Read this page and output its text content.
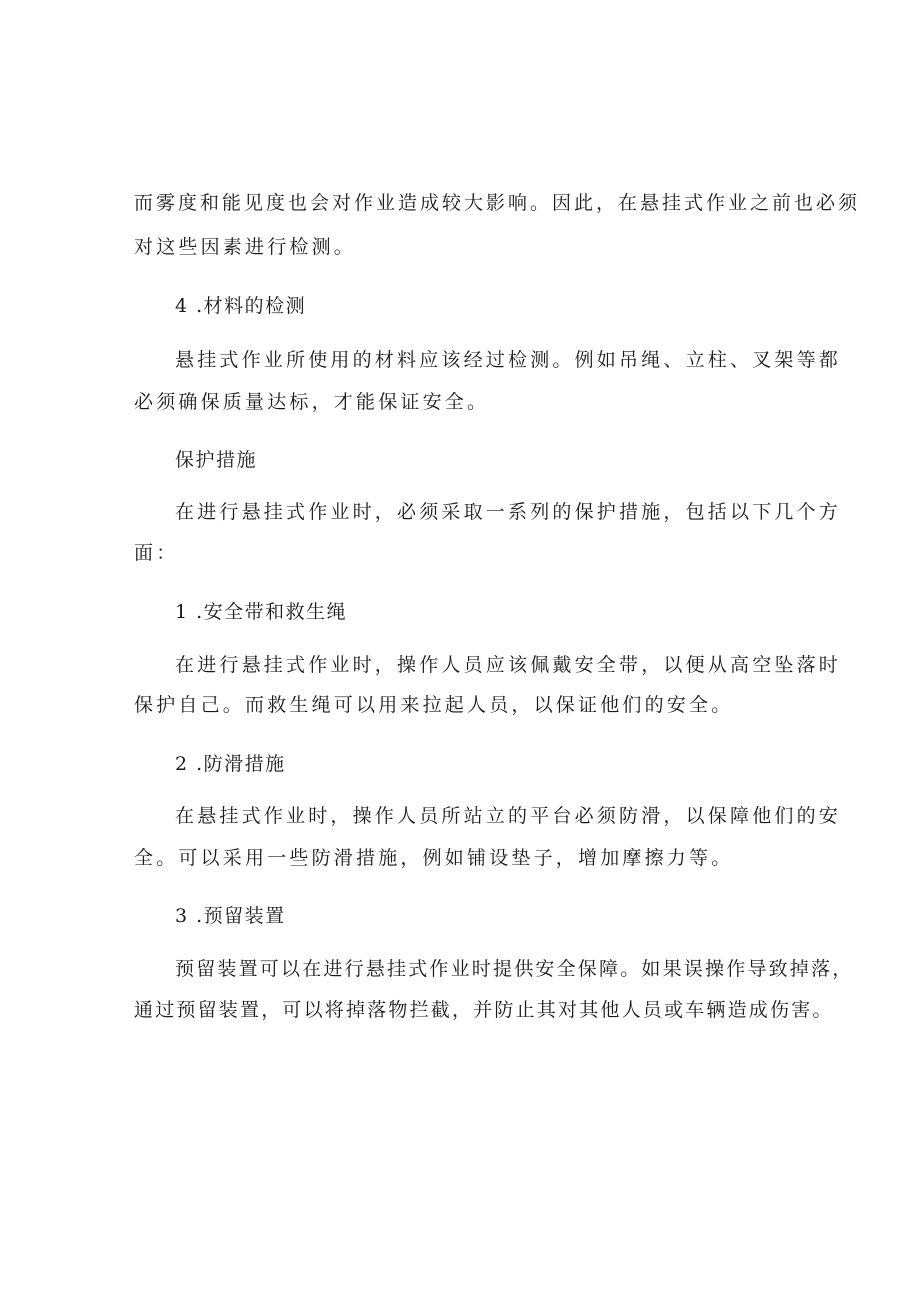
而雾度和能见度也会对作业造成较大影响。因此，在悬挂式作业之前也必须
对这些因素进行检测。
4 .材料的检测
悬挂式作业所使用的材料应该经过检测。例如吊绳、立柱、叉架等都
必须确保质量达标，才能保证安全。
保护措施
在进行悬挂式作业时，必须采取一系列的保护措施，包括以下几个方
面：
1 .安全带和救生绳
在进行悬挂式作业时，操作人员应该佩戴安全带，以便从高空坠落时
保护自己。而救生绳可以用来拉起人员，以保证他们的安全。
2 .防滑措施
在悬挂式作业时，操作人员所站立的平台必须防滑，以保障他们的安
全。可以采用一些防滑措施，例如铺设垫子，增加摩擦力等。
3 .预留装置
预留装置可以在进行悬挂式作业时提供安全保障。如果误操作导致掉落，
通过预留装置，可以将掉落物拦截，并防止其对其他人员或车辆造成伤害。
